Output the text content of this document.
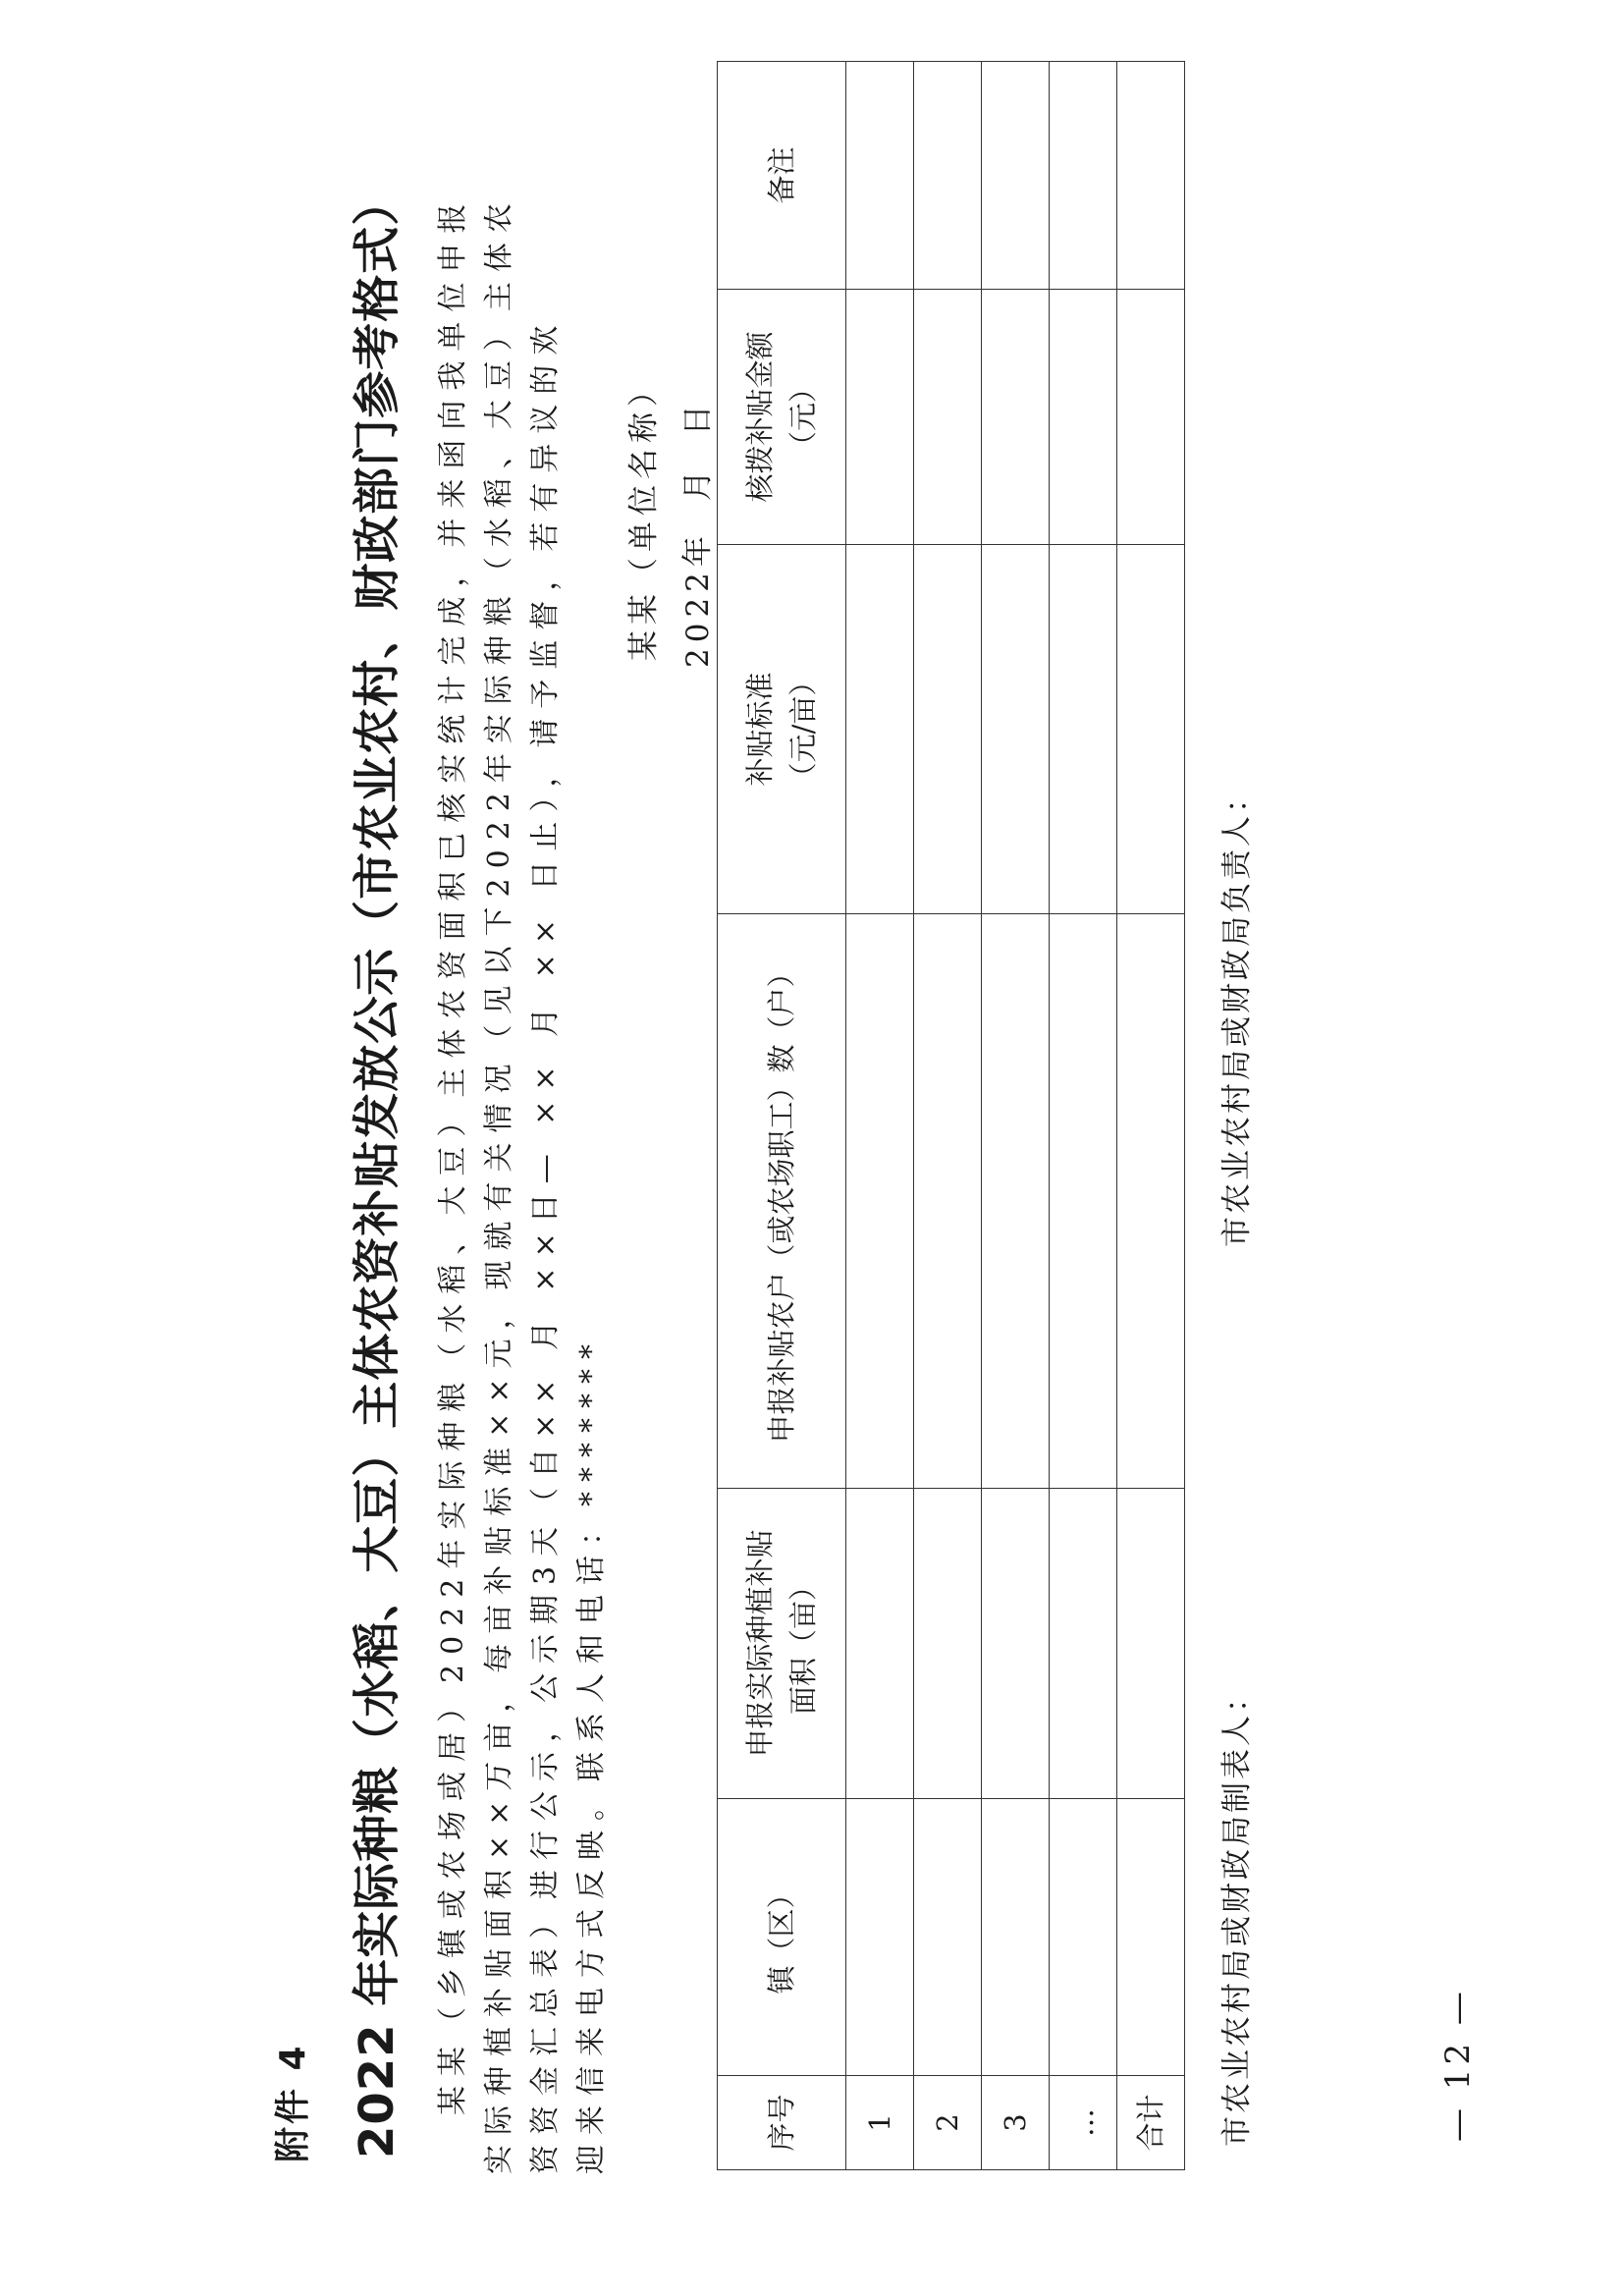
附件 4 2022 年实际种粮（水稻、大豆）主体农资补贴发放公示（市农业农村、财政部门参考格式） 某某（乡镇或农场或居）2022年实际种粮（水稻、大豆）主体农资面积已核实统计完成，并来函向我单位申报 实际种植补贴面积××万亩，每亩补贴标准××元，现就有关情况（见以下2022年实际种粮（水稻、大豆）主体农 资资金汇总表）进行公示，公示期3天（自×× 月 ××日— ×× 月 ×× 日止），请予监督，若有异议的欢 迎来信来电方式反映。联系人和电话：*******
某某（单位名称） 2022年 月 日
序号	镇（区）	申报实际种植补贴面积（亩）	申报补贴农户（或农场职工）数（户）	补贴标准（元/亩）	核拨补贴金额（元）	备注
1						
2						
3						
…						
合计						市农业农村局或财政局制表人：
市农业农村局或财政局负责人：
— 12 —
